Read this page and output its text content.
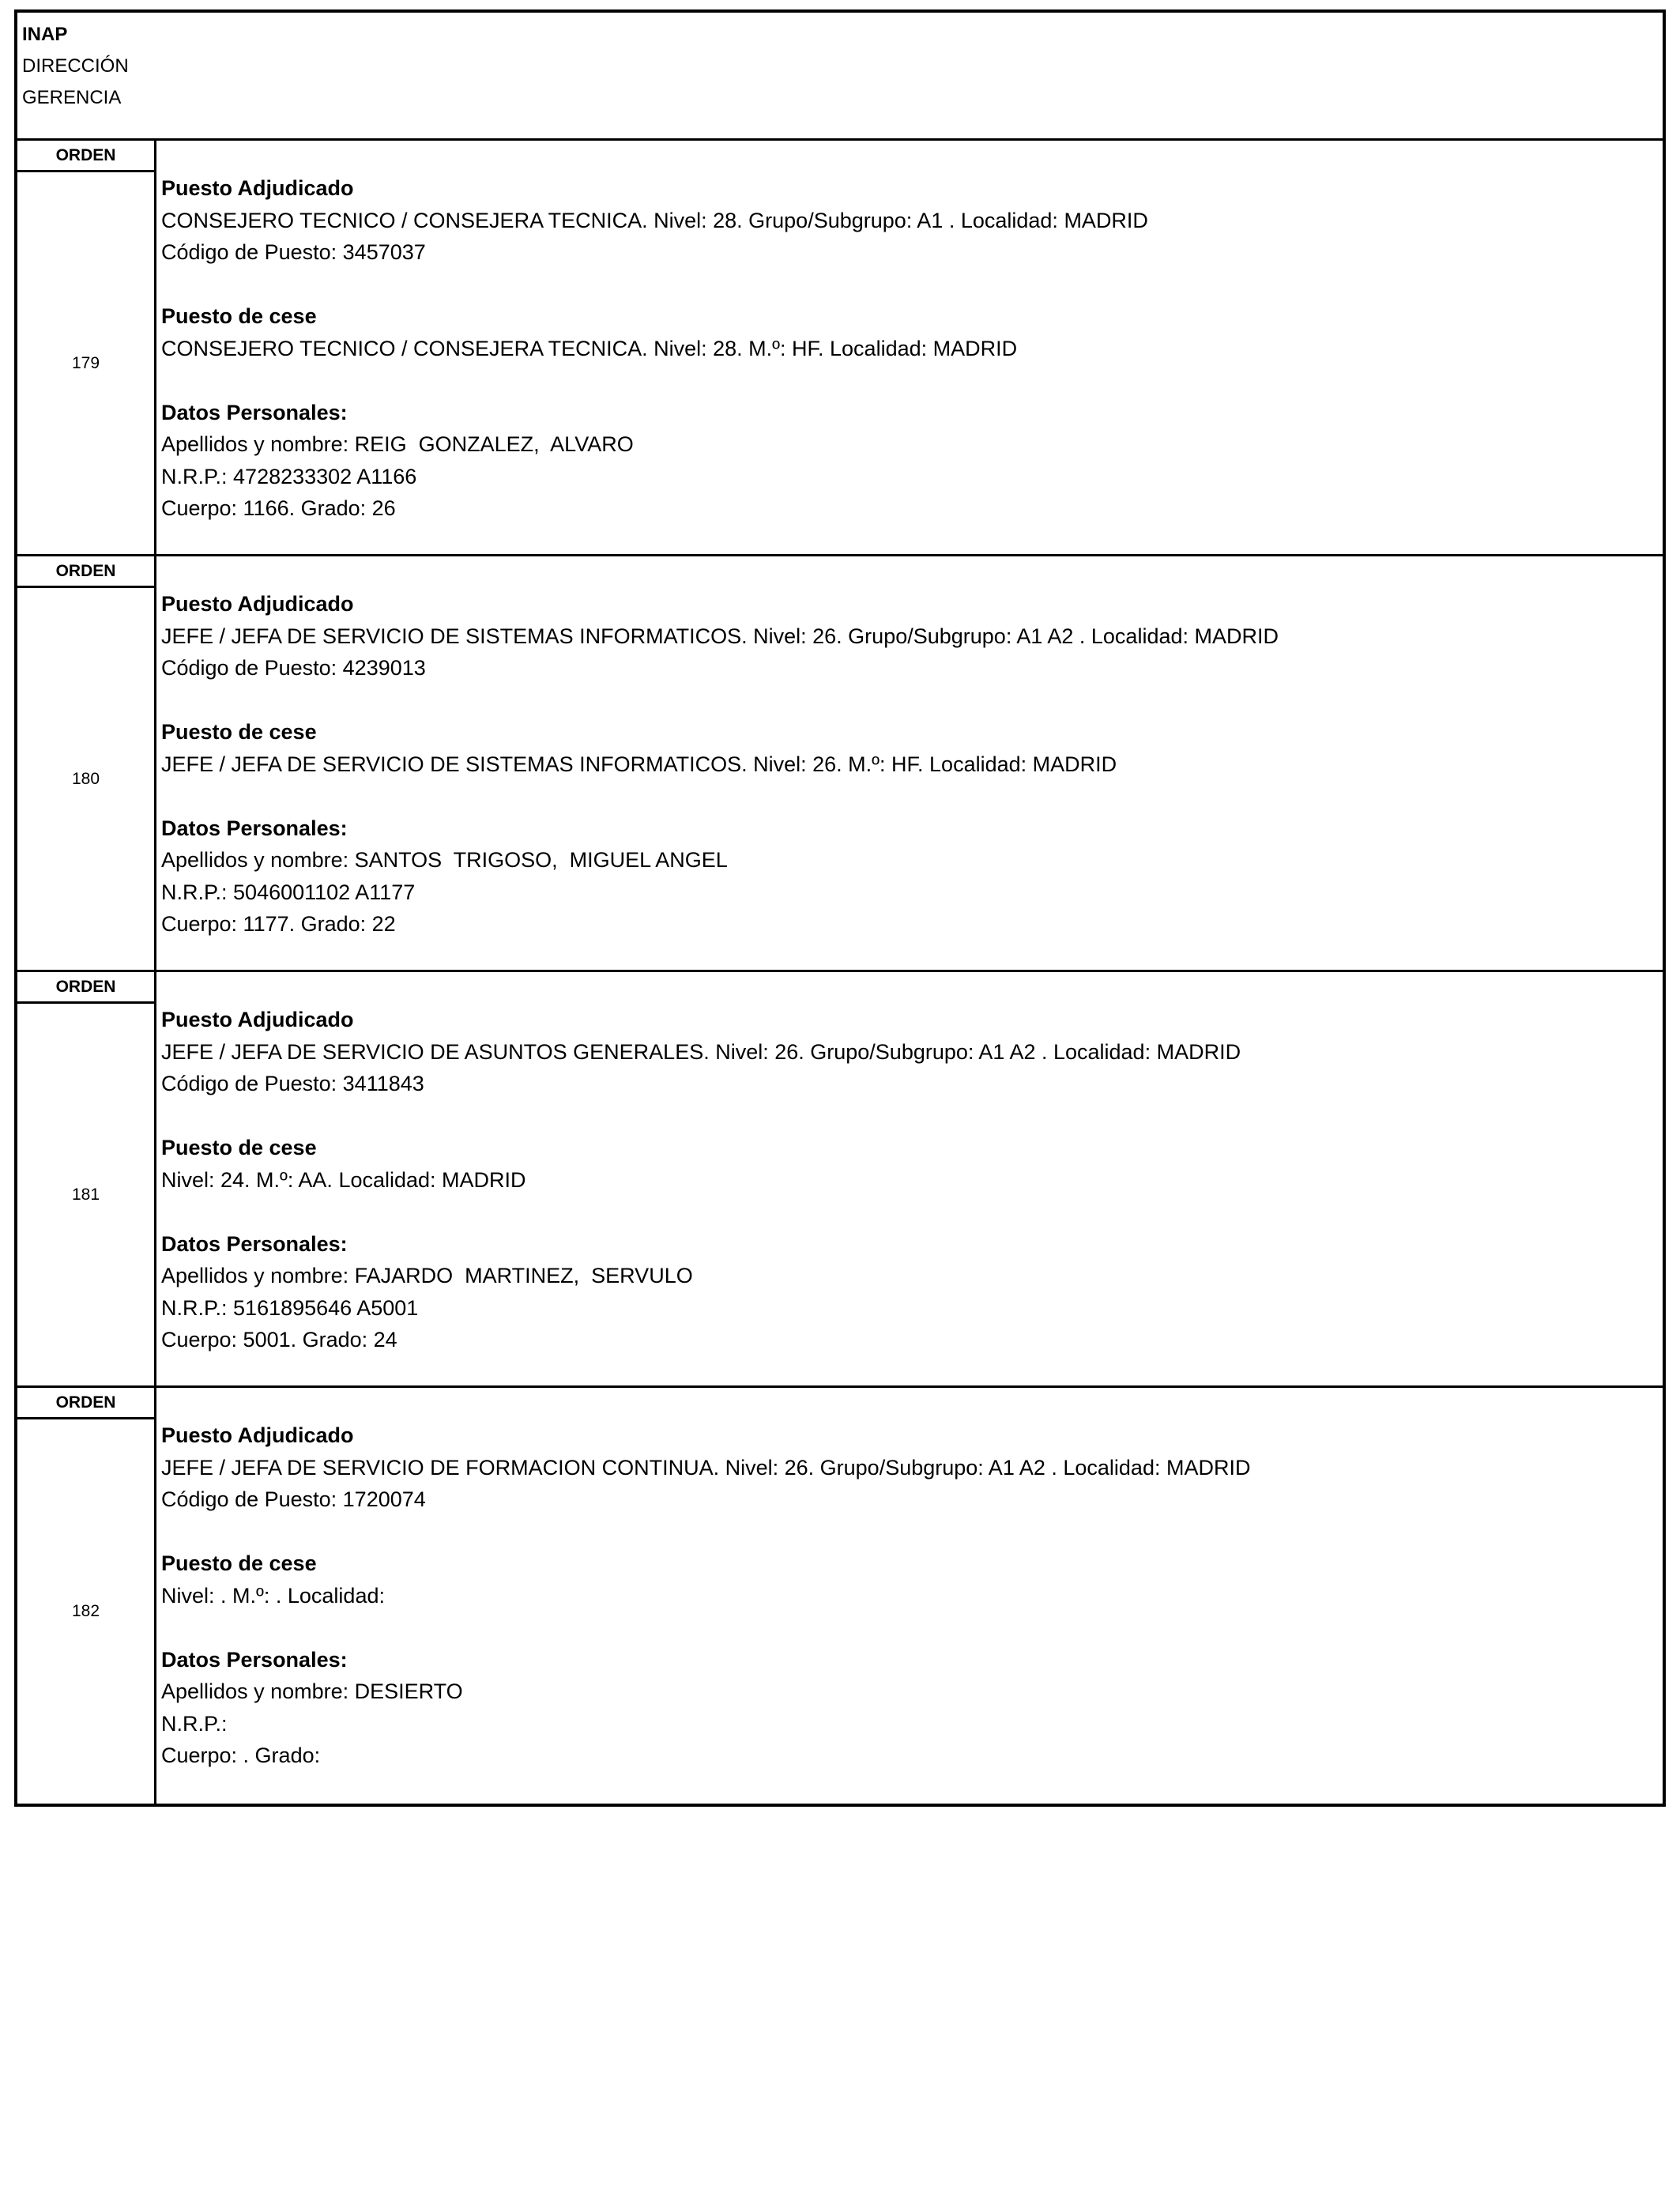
INAP
DIRECCIÓN
GERENCIA
ORDEN
179
Puesto Adjudicado
CONSEJERO TECNICO / CONSEJERA TECNICA. Nivel: 28. Grupo/Subgrupo: A1 . Localidad: MADRID
Código de Puesto: 3457037
Puesto de cese
CONSEJERO TECNICO / CONSEJERA TECNICA. Nivel: 28. M.º: HF. Localidad: MADRID
Datos Personales:
Apellidos y nombre: REIG  GONZALEZ,  ALVARO
N.R.P.: 4728233302 A1166
Cuerpo: 1166. Grado: 26
ORDEN
180
Puesto Adjudicado
JEFE / JEFA DE SERVICIO DE SISTEMAS INFORMATICOS. Nivel: 26. Grupo/Subgrupo: A1 A2 . Localidad: MADRID
Código de Puesto: 4239013
Puesto de cese
JEFE / JEFA DE SERVICIO DE SISTEMAS INFORMATICOS. Nivel: 26. M.º: HF. Localidad: MADRID
Datos Personales:
Apellidos y nombre: SANTOS  TRIGOSO,  MIGUEL ANGEL
N.R.P.: 5046001102 A1177
Cuerpo: 1177. Grado: 22
ORDEN
181
Puesto Adjudicado
JEFE / JEFA DE SERVICIO DE ASUNTOS GENERALES. Nivel: 26. Grupo/Subgrupo: A1 A2 . Localidad: MADRID
Código de Puesto: 3411843
Puesto de cese
Nivel: 24. M.º: AA. Localidad: MADRID
Datos Personales:
Apellidos y nombre: FAJARDO  MARTINEZ,  SERVULO
N.R.P.: 5161895646 A5001
Cuerpo: 5001. Grado: 24
ORDEN
182
Puesto Adjudicado
JEFE / JEFA DE SERVICIO DE FORMACION CONTINUA. Nivel: 26. Grupo/Subgrupo: A1 A2 . Localidad: MADRID
Código de Puesto: 1720074
Puesto de cese
Nivel: . M.º: . Localidad:
Datos Personales:
Apellidos y nombre: DESIERTO
N.R.P.:
Cuerpo: . Grado:
